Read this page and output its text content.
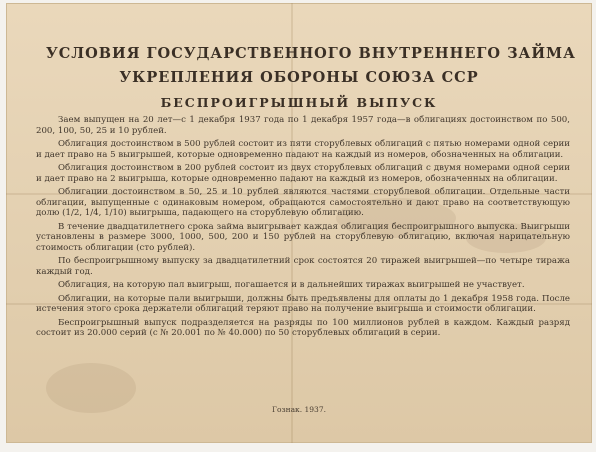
УСЛОВИЯ ГОСУДАРСТВЕННОГО ВНУТРЕННЕГО ЗАЙМА
УКРЕПЛЕНИЯ ОБОРОНЫ СОЮЗА ССР
БЕСПРОИГРЫШНЫЙ ВЫПУСК

Заем выпущен на 20 лет—с 1 декабря 1937 года по 1 декабря 1957 года—в облигациях достоинством по 500, 200, 100, 50, 25 и 10 рублей.

Облигация достоинством в 500 рублей состоит из пяти сторублевых облигаций с пятью номерами одной серии и дает право на 5 выигрышей, которые одновременно падают на каждый из номеров, обозначенных на облигации.

Облигация достоинством в 200 рублей состоит из двух сторублевых облигаций с двумя номерами одной серии и дает право на 2 выигрыша, которые одновременно падают на каждый из номеров, обозначенных на облигации.

Облигации достоинством в 50, 25 и 10 рублей являются частями сторублевой облигации. Отдельные части облигации, выпущенные с одинаковым номером, обращаются самостоятельно и дают право на соответствующую долю (1/2, 1/4, 1/10) выигрыша, падающего на сторублевую облигацию.

В течение двадцатилетнего срока займа выигрывает каждая облигация беспроигрышного выпуска. Выигрыши установлены в размере 3000, 1000, 500, 200 и 150 рублей на сторублевую облигацию, включая нарицательную стоимость облигации (сто рублей).

По беспроигрышному выпуску за двадцатилетний срок состоятся 20 тиражей выигрышей—по четыре тиража каждый год.

Облигация, на которую пал выигрыш, погашается и в дальнейших тиражах выигрышей не участвует.

Облигации, на которые пали выигрыши, должны быть предъявлены для оплаты до 1 декабря 1958 года. После истечения этого срока держатели облигаций теряют право на получение выигрыша и стоимости облигации.

Беспроигрышный выпуск подразделяется на разряды по 100 миллионов рублей в каждом. Каждый разряд состоит из 20.000 серий (с № 20.001 по № 40.000) по 50 сторублевых облигаций в серии.

Гознак. 1937.
